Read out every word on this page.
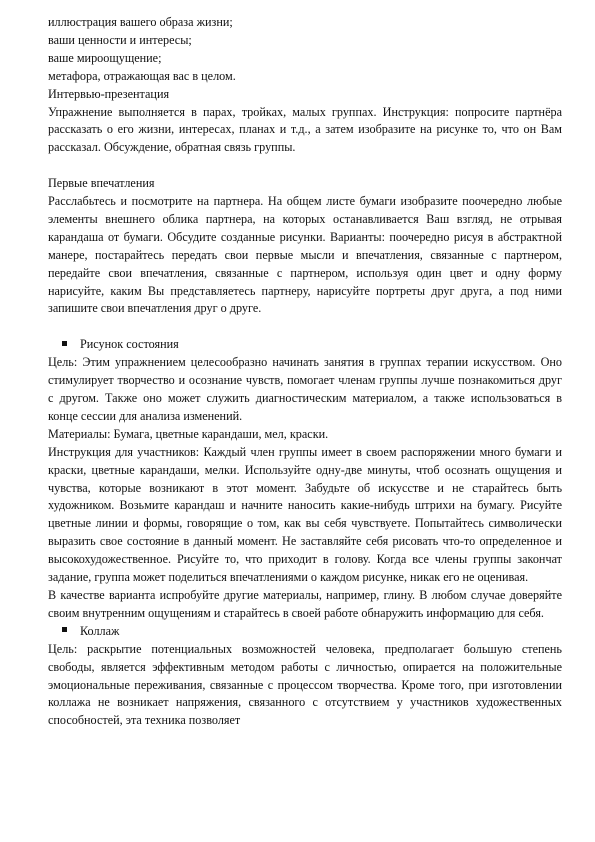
иллюстрация вашего образа жизни;
ваши ценности и интересы;
ваше мироощущение;
метафора, отражающая вас в целом.
Интервью-презентация
Упражнение выполняется в парах, тройках, малых группах. Инструкция: попросите партнёра рассказать о его жизни, интересах, планах и т.д., а затем изобразите на рисунке то, что он Вам рассказал. Обсуждение, обратная связь группы.
Первые впечатления
Расслабьтесь и посмотрите на партнера. На общем листе бумаги изобразите поочередно любые элементы внешнего облика партнера, на которых останавливается Ваш взгляд, не отрывая карандаша от бумаги. Обсудите созданные рисунки. Варианты: поочередно рисуя в абстрактной манере, постарайтесь передать свои первые мысли и впечатления, связанные с партнером, передайте свои впечатления, связанные с партнером, используя один цвет и одну форму нарисуйте, каким Вы представляетесь партнеру, нарисуйте портреты друг друга, а под ними запишите свои впечатления друг о друге.
Рисунок состояния
Цель: Этим упражнением целесообразно начинать занятия в группах терапии искусством. Оно стимулирует творчество и осознание чувств, помогает членам группы лучше познакомиться друг с другом. Также оно может служить диагностическим материалом, а также использоваться в конце сессии для анализа изменений.
Материалы: Бумага, цветные карандаши, мел, краски.
Инструкция для участников: Каждый член группы имеет в своем распоряжении много бумаги и краски, цветные карандаши, мелки. Используйте одну-две минуты, чтоб осознать ощущения и чувства, которые возникают в этот момент. Забудьте об искусстве и не старайтесь быть художником. Возьмите карандаш и начните наносить какие-нибудь штрихи на бумагу. Рисуйте цветные линии и формы, говорящие о том, как вы себя чувствуете. Попытайтесь символически выразить свое состояние в данный момент. Не заставляйте себя рисовать что-то определенное и высокохудожественное. Рисуйте то, что приходит в голову. Когда все члены группы закончат задание, группа может поделиться впечатлениями о каждом рисунке, никак его не оценивая.
В качестве варианта испробуйте другие материалы, например, глину. В любом случае доверяйте своим внутренним ощущениям и старайтесь в своей работе обнаружить информацию для себя.
Коллаж
Цель: раскрытие потенциальных возможностей человека, предполагает большую степень свободы, является эффективным методом работы с личностью, опирается на положительные эмоциональные переживания, связанные с процессом творчества. Кроме того, при изготовлении коллажа не возникает напряжения, связанного с отсутствием у участников художественных способностей, эта техника позволяет
